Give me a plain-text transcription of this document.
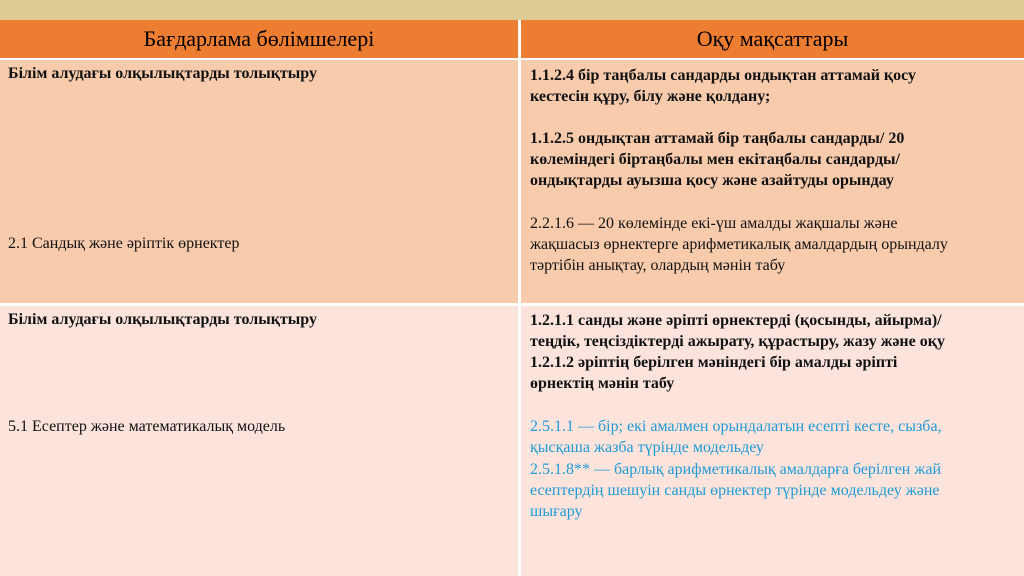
Бағдарлама бөлімшелері	Оқу мақсаттары
Білім алудағы олқылықтарды толықтыру
2.1 Сандық және әріптік өрнектер
1.1.2.4 бір таңбалы сандарды ондықтан аттамай қосу
кестесін құру, білу және қолдану;
1.1.2.5 ондықтан аттамай бір таңбалы сандарды/ 20
көлеміндегі біртаңбалы мен екітаңбалы сандарды/
ондықтарды ауызша қосу және азайтуды орындау
2.2.1.6 — 20 көлемінде екі-үш амалды жақшалы және
жақшасыз өрнектерге арифметикалық амалдардың орындалу
тәртібін анықтау, олардың мәнін табу
Білім алудағы олқылықтарды толықтыру
5.1 Есептер және математикалық модель
1.2.1.1 санды және әріпті өрнектерді (қосынды, айырма)/
теңдік, теңсіздіктерді ажырату, құрастыру, жазу және оқу
1.2.1.2 әріптің берілген мәніндегі бір амалды әріпті
өрнектің мәнін табу
2.5.1.1 — бір; екі амалмен орындалатын есепті кесте, сызба,
қысқаша жазба түрінде модельдеу
2.5.1.8** — барлық арифметикалық амалдарға берілген жай
есептердің шешуін санды өрнектер түрінде модельдеу және
шығару
